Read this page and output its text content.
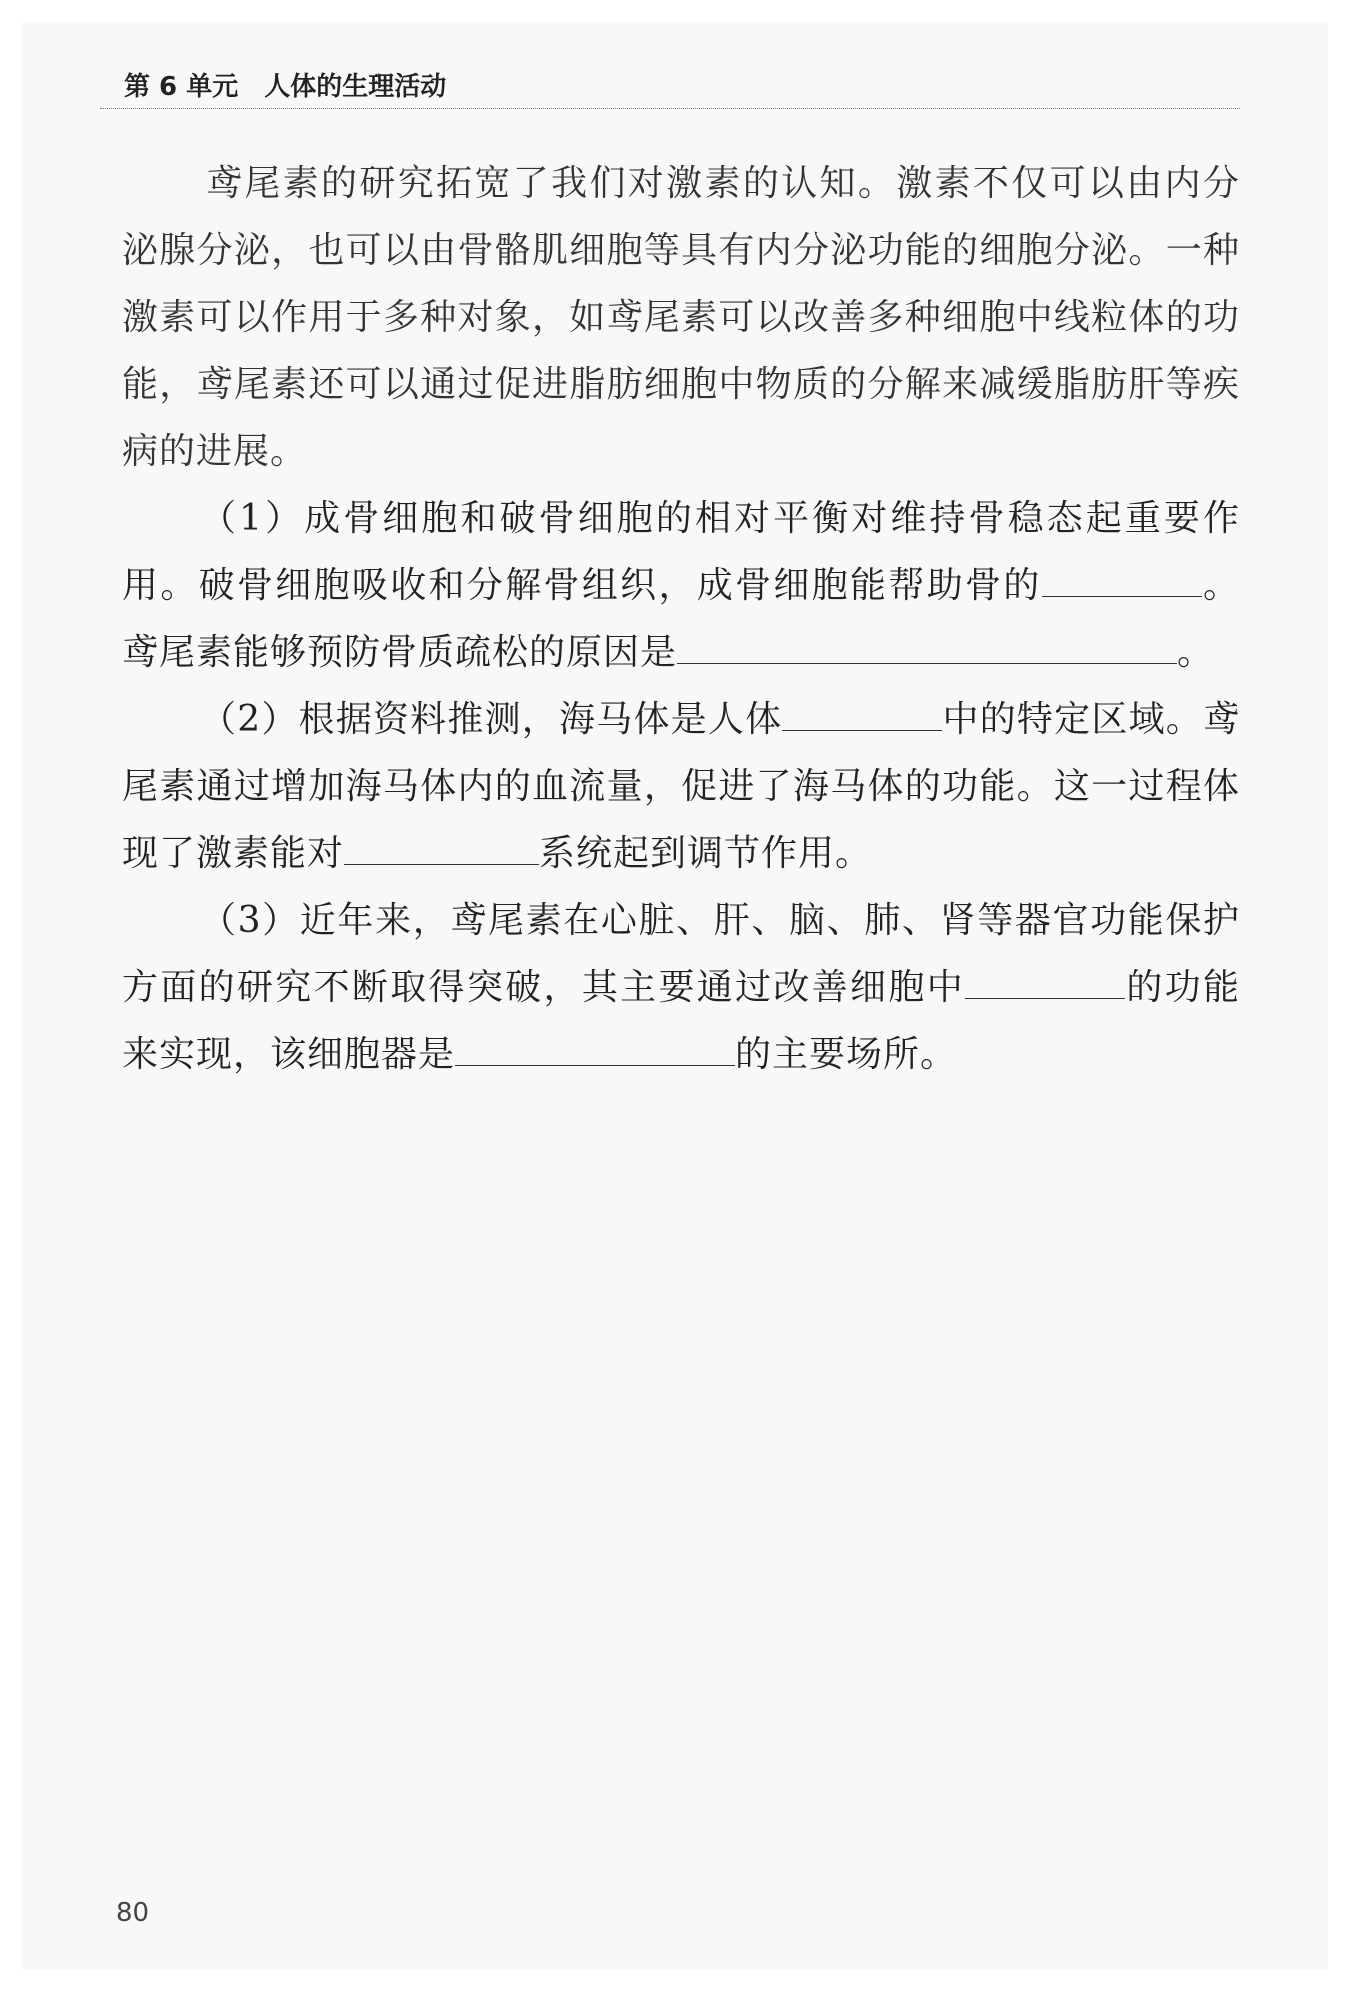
第 6 单元　人体的生理活动

鸢尾素的研究拓宽了我们对激素的认知。激素不仅可以由内分泌腺分泌，也可以由骨骼肌细胞等具有内分泌功能的细胞分泌。一种激素可以作用于多种对象，如鸢尾素可以改善多种细胞中线粒体的功能，鸢尾素还可以通过促进脂肪细胞中物质的分解来减缓脂肪肝等疾病的进展。

（1）成骨细胞和破骨细胞的相对平衡对维持骨稳态起重要作用。破骨细胞吸收和分解骨组织，成骨细胞能帮助骨的	。鸢尾素能够预防骨质疏松的原因是	。

（2）根据资料推测，海马体是人体	中的特定区域。鸢尾素通过增加海马体内的血流量，促进了海马体的功能。这一过程体现了激素能对	系统起到调节作用。

（3）近年来，鸢尾素在心脏、肝、脑、肺、肾等器官功能保护方面的研究不断取得突破，其主要通过改善细胞中	的功能来实现，该细胞器是	的主要场所。

80
